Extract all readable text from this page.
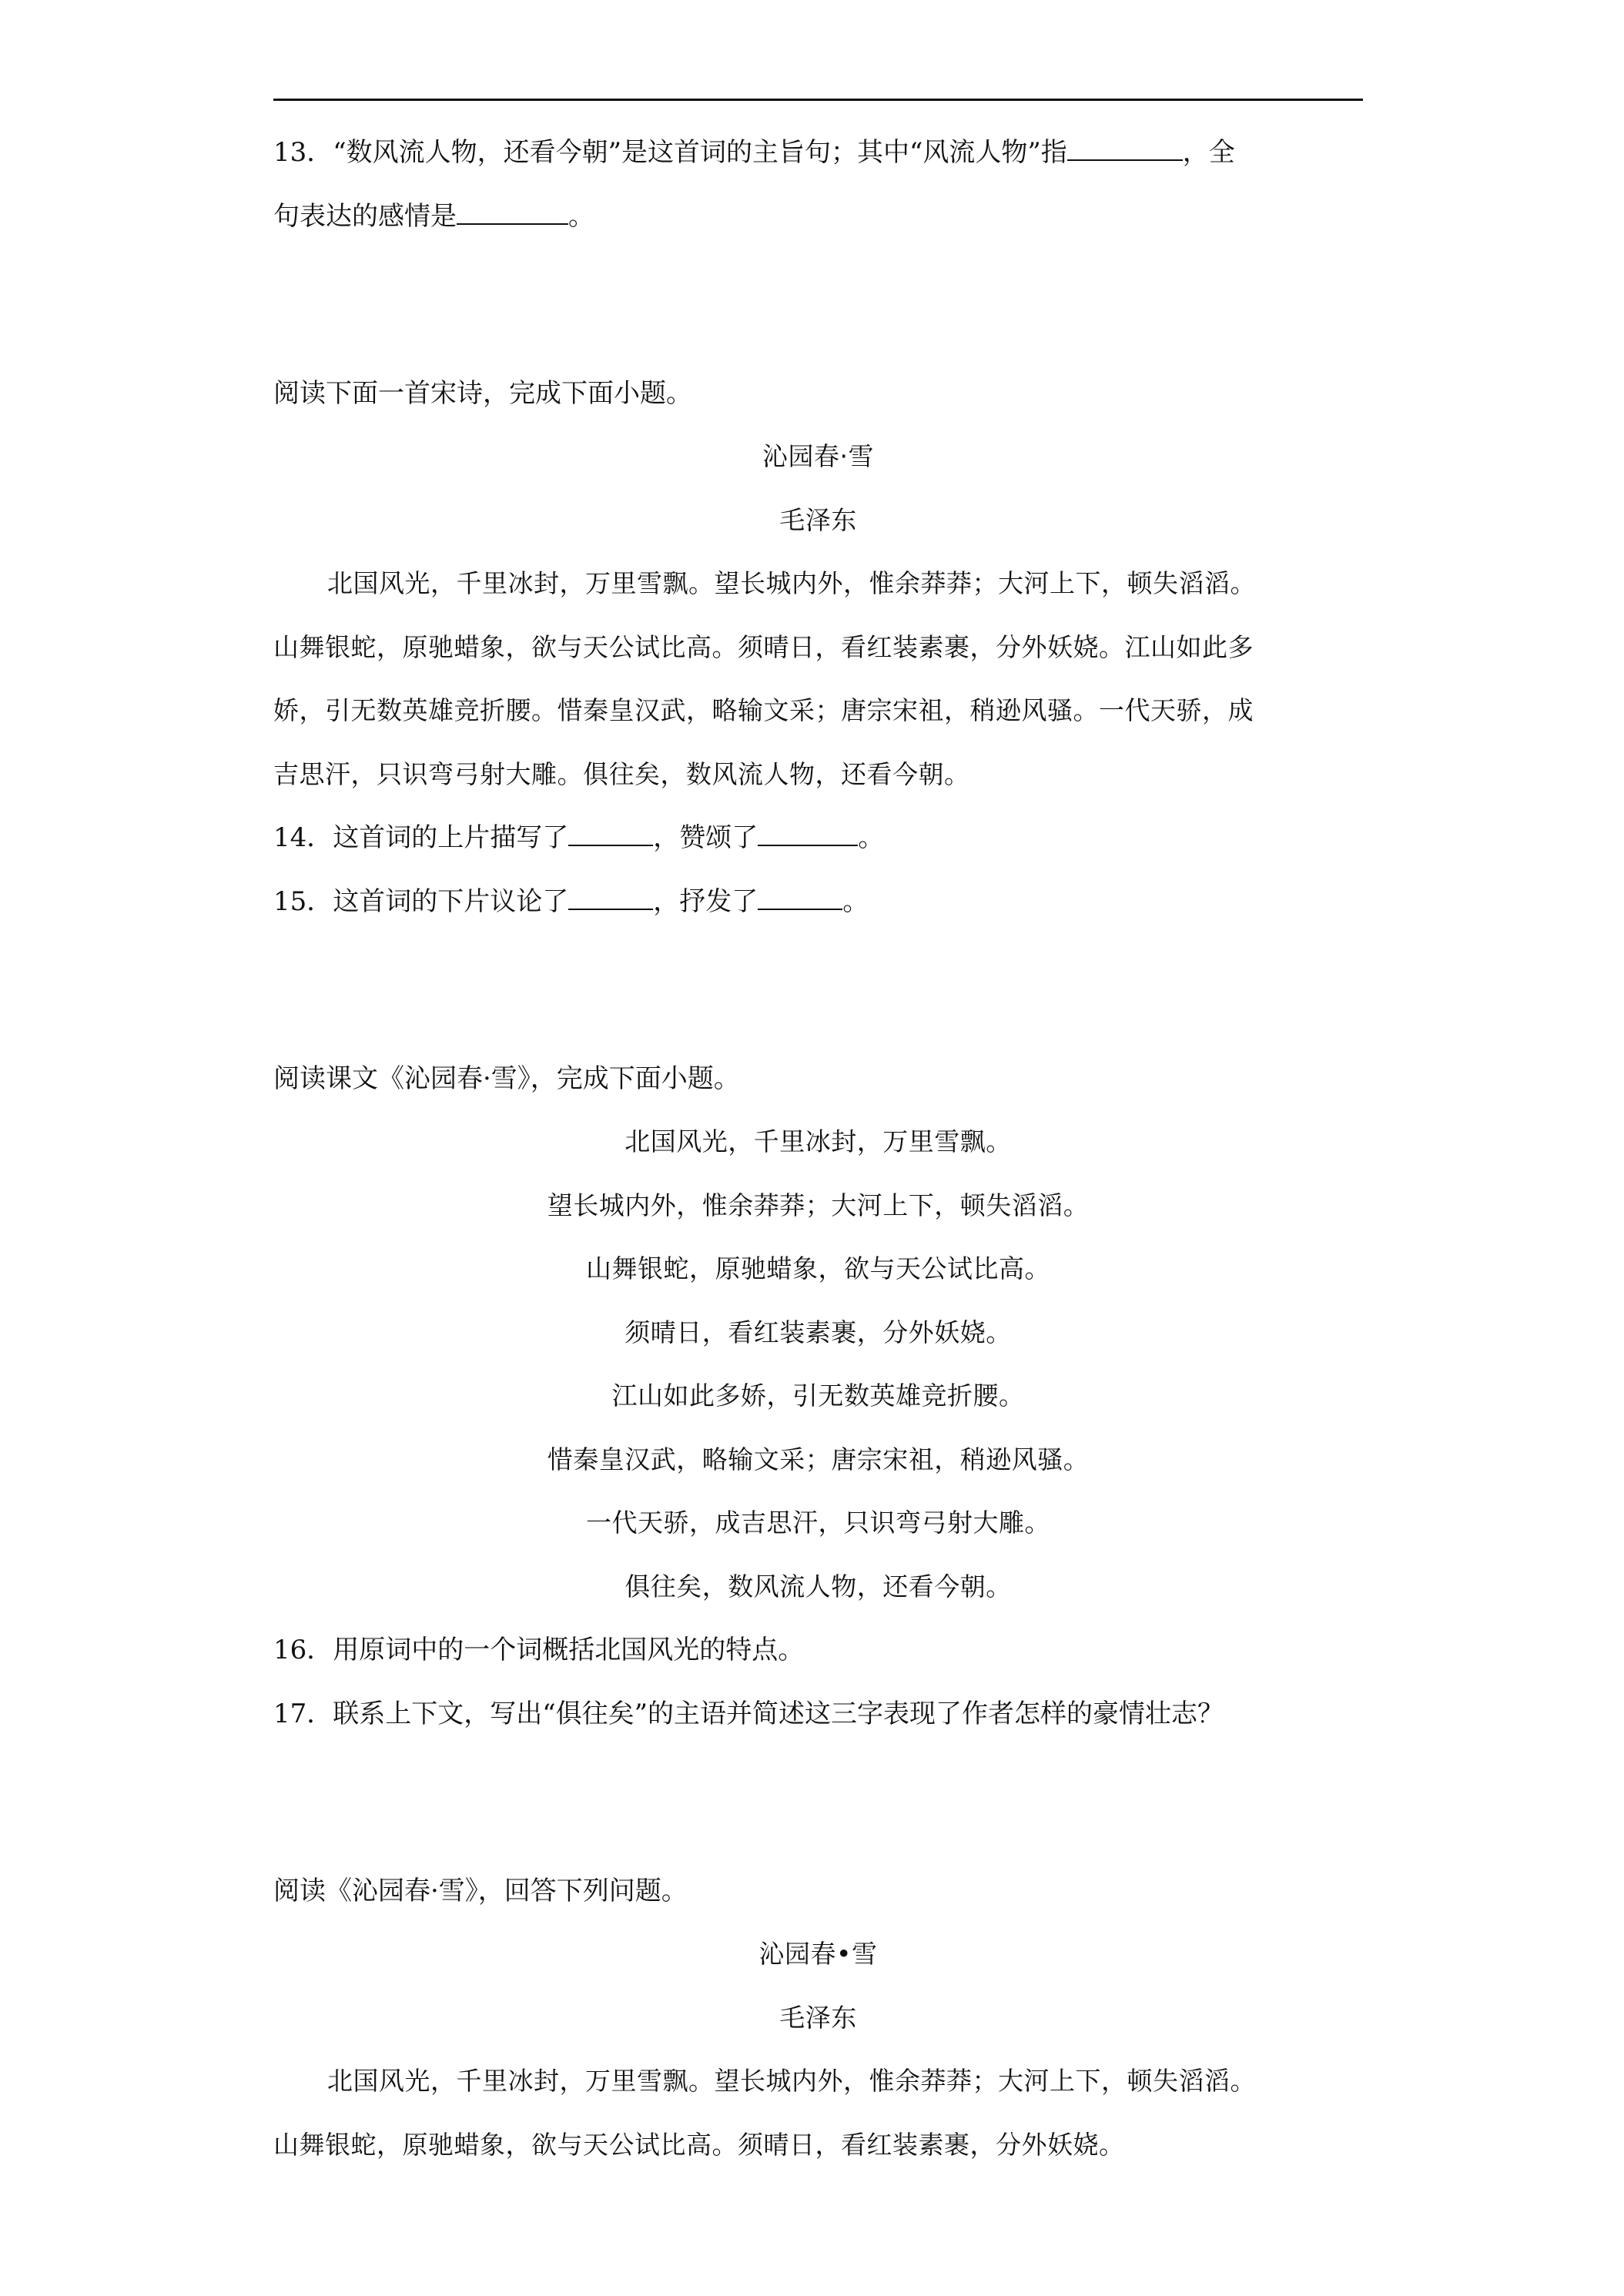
13．“数风流人物，还看今朝”是这首词的主旨句；其中“风流人物”指	，全
句表达的感情是	。
阅读下面一首宋诗，完成下面小题。
沁园春·雪
毛泽东
北国风光，千里冰封，万里雪飘。望长城内外，惟余莽莽；大河上下，顿失滔滔。
山舞银蛇，原驰蜡象，欲与天公试比高。须晴日，看红装素裹，分外妖娆。江山如此多
娇，引无数英雄竞折腰。惜秦皇汉武，略输文采；唐宗宋祖，稍逊风骚。一代天骄，成
吉思汗，只识弯弓射大雕。俱往矣，数风流人物，还看今朝。
14．这首词的上片描写了	，赞颂了	。
15．这首词的下片议论了	，抒发了	。
阅读课文《沁园春·雪》，完成下面小题。
北国风光，千里冰封，万里雪飘。
望长城内外，惟余莽莽；大河上下，顿失滔滔。
山舞银蛇，原驰蜡象，欲与天公试比高。
须晴日，看红装素裹，分外妖娆。
江山如此多娇，引无数英雄竞折腰。
惜秦皇汉武，略输文采；唐宗宋祖，稍逊风骚。
一代天骄，成吉思汗，只识弯弓射大雕。
俱往矣，数风流人物，还看今朝。
16．用原词中的一个词概括北国风光的特点。
17．联系上下文，写出“俱往矣”的主语并简述这三字表现了作者怎样的豪情壮志？
阅读《沁园春·雪》，回答下列问题。
沁园春•雪
毛泽东
北国风光，千里冰封，万里雪飘。望长城内外，惟余莽莽；大河上下，顿失滔滔。
山舞银蛇，原驰蜡象，欲与天公试比高。须晴日，看红装素裹，分外妖娆。
